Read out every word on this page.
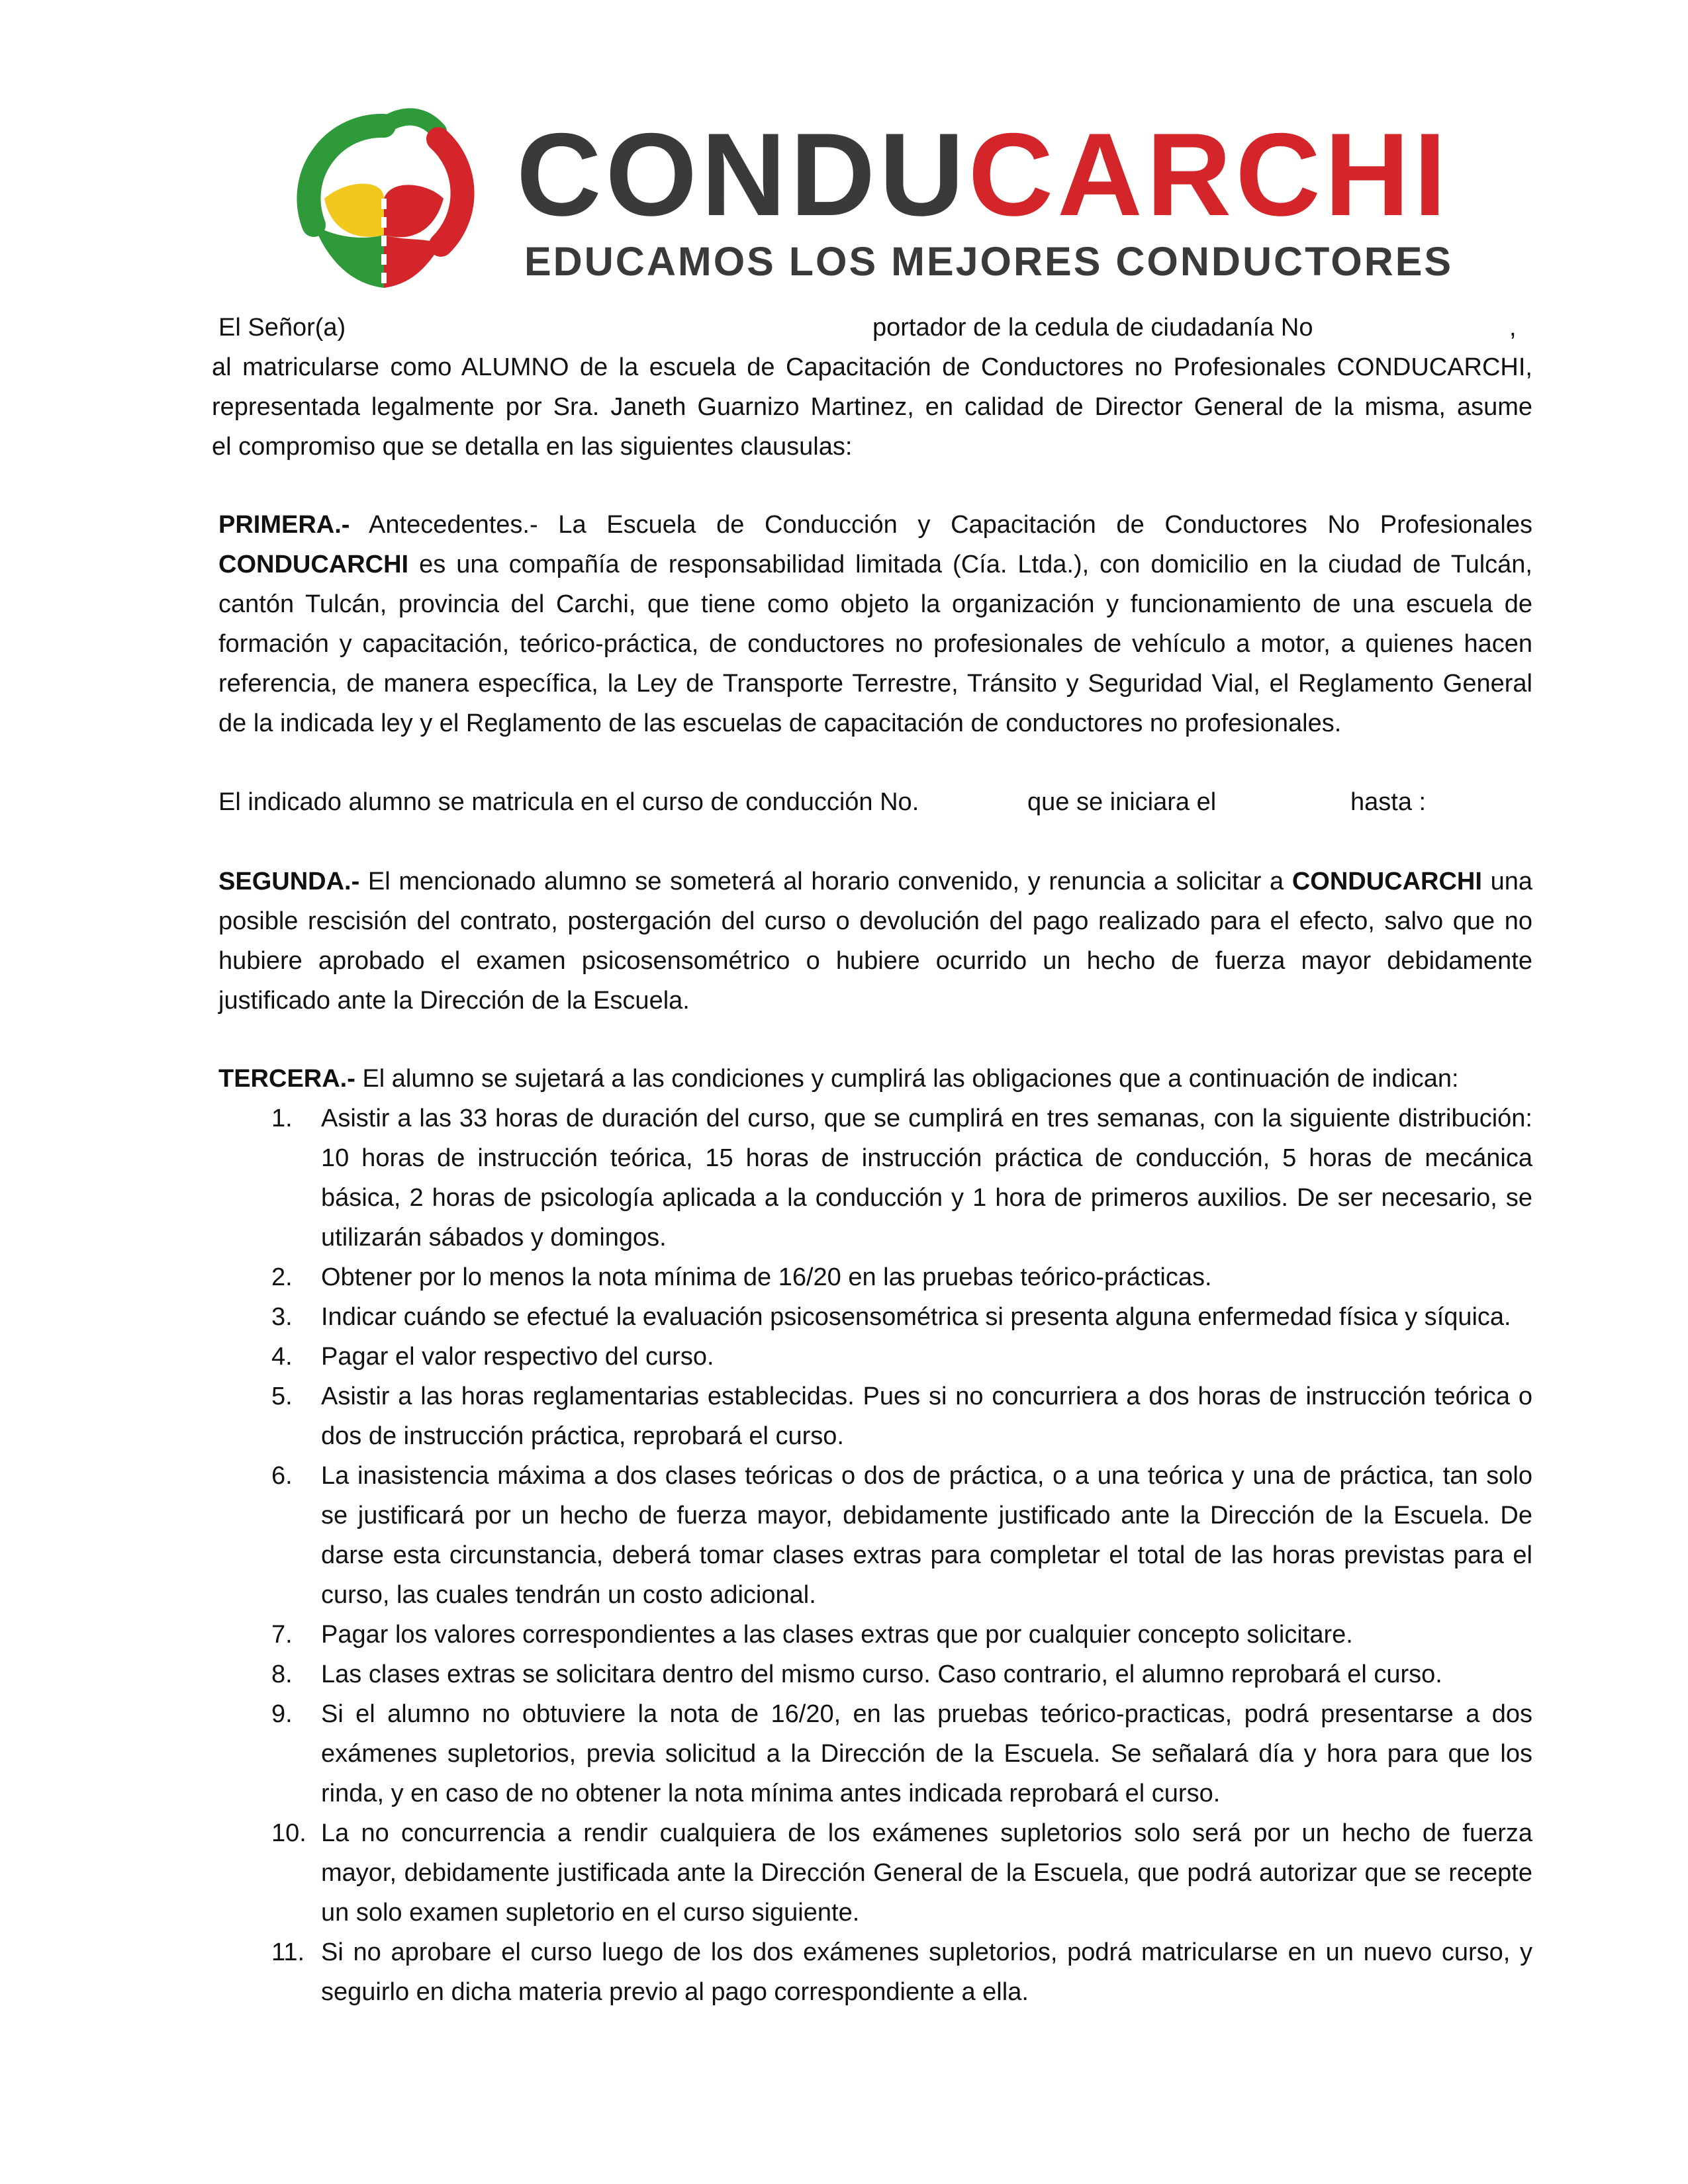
CONDUCARCHI
EDUCAMOS LOS MEJORES CONDUCTORES
El Señor(a)	portador de la cedula de ciudadanía No	,
al matricularse como ALUMNO de la escuela de Capacitación de Conductores no Profesionales CONDUCARCHI,
representada legalmente por Sra. Janeth Guarnizo Martinez, en calidad de Director General de la misma, asume
el compromiso que se detalla en las siguientes clausulas:
PRIMERA.- Antecedentes.- La Escuela de Conducción y Capacitación de Conductores No Profesionales CONDUCARCHI es una compañía de responsabilidad limitada (Cía. Ltda.), con domicilio en la ciudad de Tulcán, cantón Tulcán, provincia del Carchi, que tiene como objeto la organización y funcionamiento de una escuela de formación y capacitación, teórico-práctica, de conductores no profesionales de vehículo a motor, a quienes hacen referencia, de manera específica, la Ley de Transporte Terrestre, Tránsito y Seguridad Vial, el Reglamento General de la indicada ley y el Reglamento de las escuelas de capacitación de conductores no profesionales.
El indicado alumno se matricula en el curso de conducción No.	que se iniciara el	hasta :
SEGUNDA.- El mencionado alumno se someterá al horario convenido, y renuncia a solicitar a CONDUCARCHI una posible rescisión del contrato, postergación del curso o devolución del pago realizado para el efecto, salvo que no hubiere aprobado el examen psicosensométrico o hubiere ocurrido un hecho de fuerza mayor debidamente justificado ante la Dirección de la Escuela.
TERCERA.- El alumno se sujetará a las condiciones y cumplirá las obligaciones que a continuación de indican:
1.	Asistir a las 33 horas de duración del curso, que se cumplirá en tres semanas, con la siguiente distribución: 10 horas de instrucción teórica, 15 horas de instrucción práctica de conducción, 5 horas de mecánica básica, 2 horas de psicología aplicada a la conducción y 1 hora de primeros auxilios. De ser necesario, se utilizarán sábados y domingos.
2.	Obtener por lo menos la nota mínima de 16/20 en las pruebas teórico-prácticas.
3.	Indicar cuándo se efectué la evaluación psicosensométrica si presenta alguna enfermedad física y síquica.
4.	Pagar el valor respectivo del curso.
5.	Asistir a las horas reglamentarias establecidas. Pues si no concurriera a dos horas de instrucción teórica o dos de instrucción práctica, reprobará el curso.
6.	La inasistencia máxima a dos clases teóricas o dos de práctica, o a una teórica y una de práctica, tan solo se justificará por un hecho de fuerza mayor, debidamente justificado ante la Dirección de la Escuela. De darse esta circunstancia, deberá tomar clases extras para completar el total de las horas previstas para el curso, las cuales tendrán un costo adicional.
7.	Pagar los valores correspondientes a las clases extras que por cualquier concepto solicitare.
8.	Las clases extras se solicitara dentro del mismo curso. Caso contrario, el alumno reprobará el curso.
9.	Si el alumno no obtuviere la nota de 16/20, en las pruebas teórico-practicas, podrá presentarse a dos exámenes supletorios, previa solicitud a la Dirección de la Escuela. Se señalará día y hora para que los rinda, y en caso de no obtener la nota mínima antes indicada reprobará el curso.
10. La no concurrencia a rendir cualquiera de los exámenes supletorios solo será por un hecho de fuerza mayor, debidamente justificada ante la Dirección General de la Escuela, que podrá autorizar que se recepte un solo examen supletorio en el curso siguiente.
11. Si no aprobare el curso luego de los dos exámenes supletorios, podrá matricularse en un nuevo curso, y seguirlo en dicha materia previo al pago correspondiente a ella.
